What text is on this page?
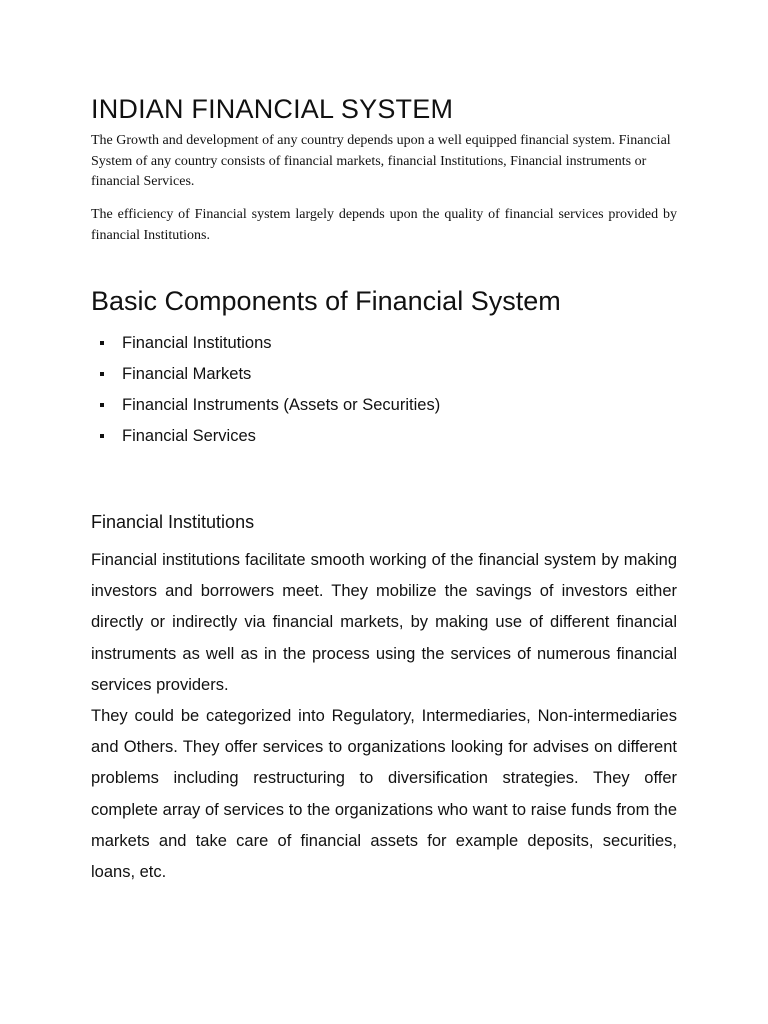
INDIAN FINANCIAL SYSTEM

The Growth and development of any country depends upon a well equipped financial system. Financial System of any country consists of financial markets, financial Institutions, Financial instruments or financial Services.

The efficiency of Financial system largely depends upon the quality of financial services provided by financial Institutions.

Basic Components of Financial System
Financial Institutions
Financial Markets
Financial Instruments (Assets or Securities)
Financial Services
Financial Institutions

Financial institutions facilitate smooth working of the financial system by making investors and borrowers meet. They mobilize the savings of investors either directly or indirectly via financial markets, by making use of different financial instruments as well as in the process using the services of numerous financial services providers.

They could be categorized into Regulatory, Intermediaries, Non-intermediaries and Others. They offer services to organizations looking for advises on different problems including restructuring to diversification strategies. They offer complete array of services to the organizations who want to raise funds from the markets and take care of financial assets for example deposits, securities, loans, etc.
